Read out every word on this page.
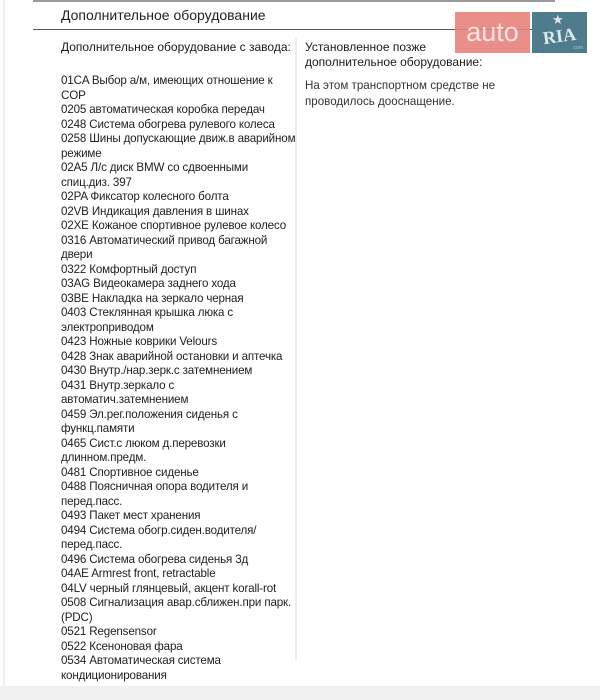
Дополнительное оборудование

Дополнительное оборудование с завода:

01CA Выбор а/м, имеющих отношение к COP
0205 автоматическая коробка передач
0248 Система обогрева рулевого колеса
0258 Шины допускающие движ.в аварийном режиме
02A5 Л/с диск BMW со сдвоенными спиц.диз. 397
02PA Фиксатор колесного болта
02VB Индикация давления в шинах
02XE Кожаное спортивное рулевое колесо
0316 Автоматический привод багажной двери
0322 Комфортный доступ
03AG Видеокамера заднего хода
03BE Накладка на зеркало черная
0403 Стеклянная крышка люка с электроприводом
0423 Ножные коврики Velours
0428 Знак аварийной остановки и аптечка
0430 Внутр./нар.зерк.с затемнением
0431 Внутр.зеркало с автоматич.затемнением
0459 Эл.рег.положения сиденья с функц.памяти
0465 Сист.с люком д.перевозки длинном.предм.
0481 Спортивное сиденье
0488 Поясничная опора водителя и перед.пасс.
0493 Пакет мест хранения
0494 Система обогр.сиден.водителя/ перед.пасс.
0496 Система обогрева сиденья 3д
04AE Armrest front, retractable
04LV черный глянцевый, акцент korall-rot
0508 Сигнализация авар.сближен.при парк. (PDC)
0521 Regensensor
0522 Ксеноновая фара
0534 Автоматическая система кондиционирования

Установленное позже дополнительное оборудование:

На этом транспортном средстве не проводилось дооснащение.
auto	★
RIA
.com
